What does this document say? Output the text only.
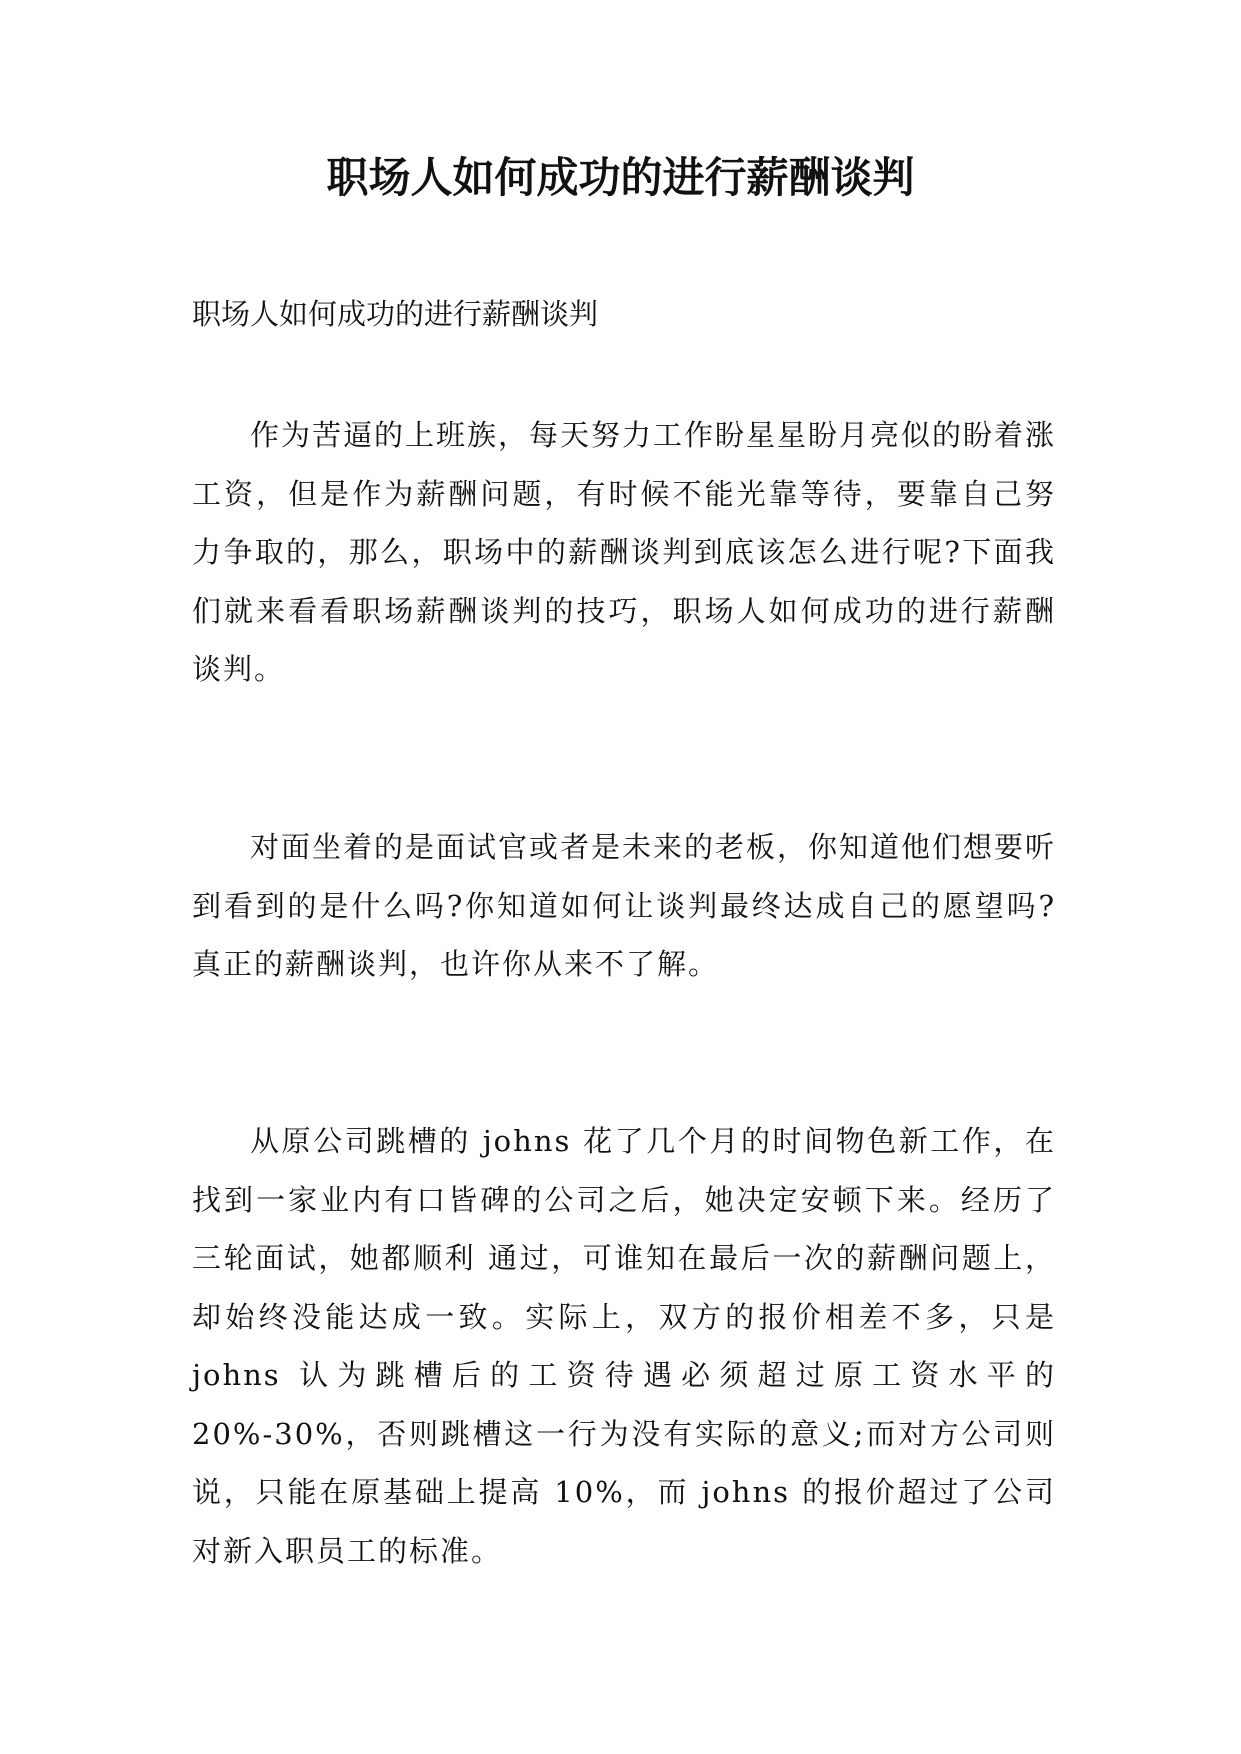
职场人如何成功的进行薪酬谈判

职场人如何成功的进行薪酬谈判

作为苦逼的上班族，每天努力工作盼星星盼月亮似的盼着涨工资，但是作为薪酬问题，有时候不能光靠等待，要靠自己努力争取的，那么，职场中的薪酬谈判到底该怎么进行呢?下面我们就来看看职场薪酬谈判的技巧，职场人如何成功的进行薪酬谈判。

对面坐着的是面试官或者是未来的老板，你知道他们想要听到看到的是什么吗?你知道如何让谈判最终达成自己的愿望吗?真正的薪酬谈判，也许你从来不了解。

从原公司跳槽的 johns 花了几个月的时间物色新工作，在找到一家业内有口皆碑的公司之后，她决定安顿下来。经历了三轮面试，她都顺利 通过，可谁知在最后一次的薪酬问题上，却始终没能达成一致。实际上，双方的报价相差不多，只是 johns 认为跳槽后的工资待遇必须超过原工资水平的 20%-30%，否则跳槽这一行为没有实际的意义;而对方公司则说，只能在原基础上提高 10%，而 johns 的报价超过了公司对新入职员工的标准。
